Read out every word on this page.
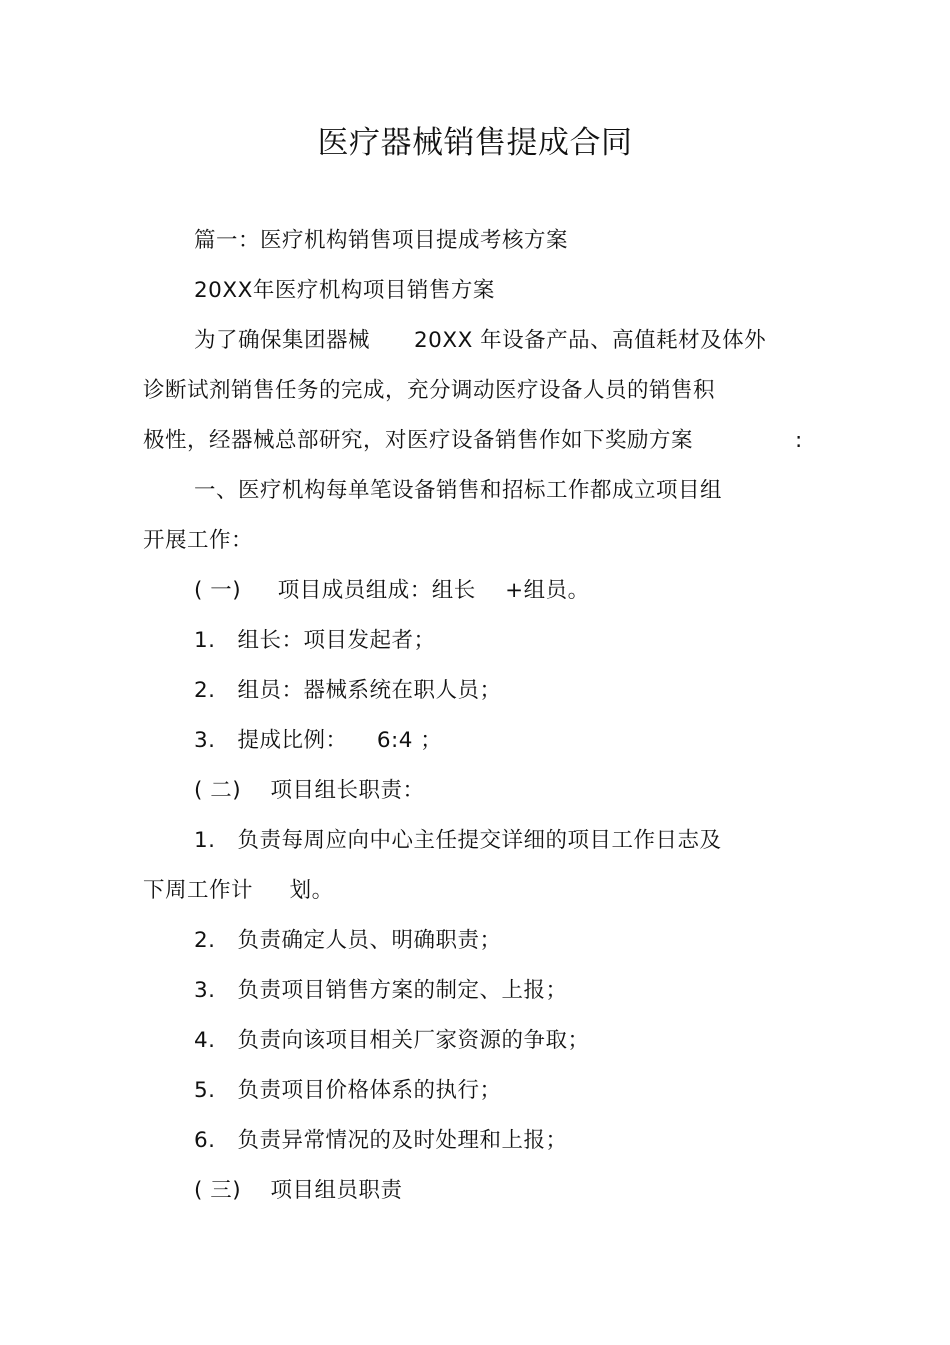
医疗器械销售提成合同
篇一：医疗机构销售项目提成考核方案
20XX年医疗机构项目销售方案
为了确保集团器械      20XX 年设备产品、高值耗材及体外
诊断试剂销售任务的完成，充分调动医疗设备人员的销售积
极性，经器械总部研究，对医疗设备销售作如下奖励方案	:
一、医疗机构每单笔设备销售和招标工作都成立项目组
开展工作：
( 一)     项目成员组成：组长    +组员。
1.   组长：项目发起者；
2.   组员：器械系统在职人员；
3.   提成比例：    6:4 ；
( 二)    项目组长职责：
1.   负责每周应向中心主任提交详细的项目工作日志及
下周工作计     划。
2.   负责确定人员、明确职责；
3.   负责项目销售方案的制定、上报；
4.   负责向该项目相关厂家资源的争取；
5.   负责项目价格体系的执行；
6.   负责异常情况的及时处理和上报；
( 三)    项目组员职责
